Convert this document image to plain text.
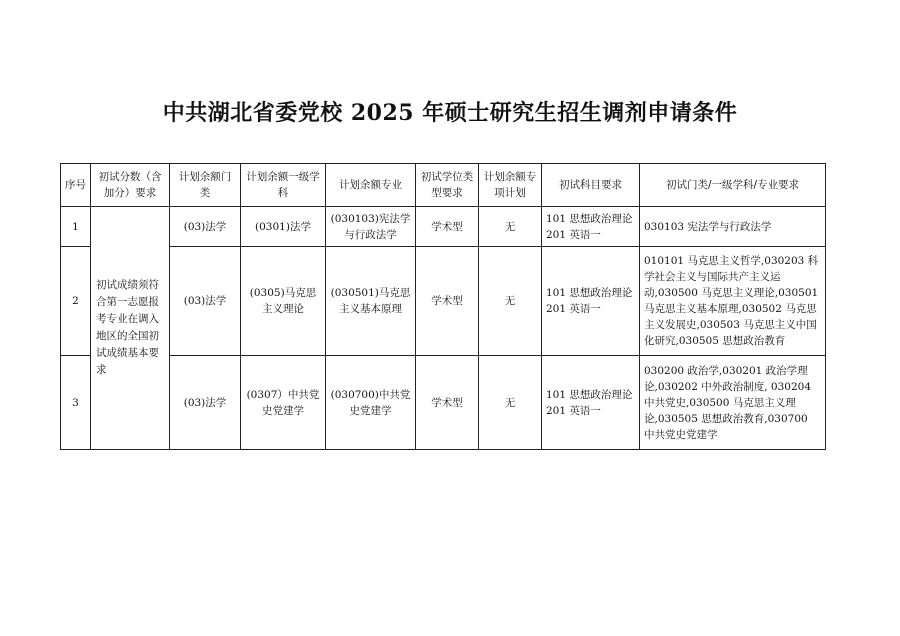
中共湖北省委党校 2025 年硕士研究生招生调剂申请条件
序号	初试分数（含加分）要求	计划余额门类	计划余额一级学科	计划余额专业	初试学位类型要求	计划余额专项计划	初试科目要求	初试门类/一级学科/专业要求
1	初试成绩须符合第一志愿报考专业在调入地区的全国初试成绩基本要求	(03)法学	(0301)法学	(030103)宪法学与行政法学	学术型	无	101 思想政治理论 201 英语一	030103 宪法学与行政法学
2		(03)法学	(0305)马克思主义理论	(030501)马克思主义基本原理	学术型	无	101 思想政治理论 201 英语一	010101 马克思主义哲学,030203 科学社会主义与国际共产主义运动,030500 马克思主义理论,030501 马克思主义基本原理,030502 马克思主义发展史,030503 马克思主义中国化研究,030505 思想政治教育
3		(03)法学	(0307）中共党史党建学	(030700)中共党史党建学	学术型	无	101 思想政治理论 201 英语一	030200 政治学,030201 政治学理论,030202 中外政治制度, 030204 中共党史,030500 马克思主义理论,030505 思想政治教育,030700 中共党史党建学
